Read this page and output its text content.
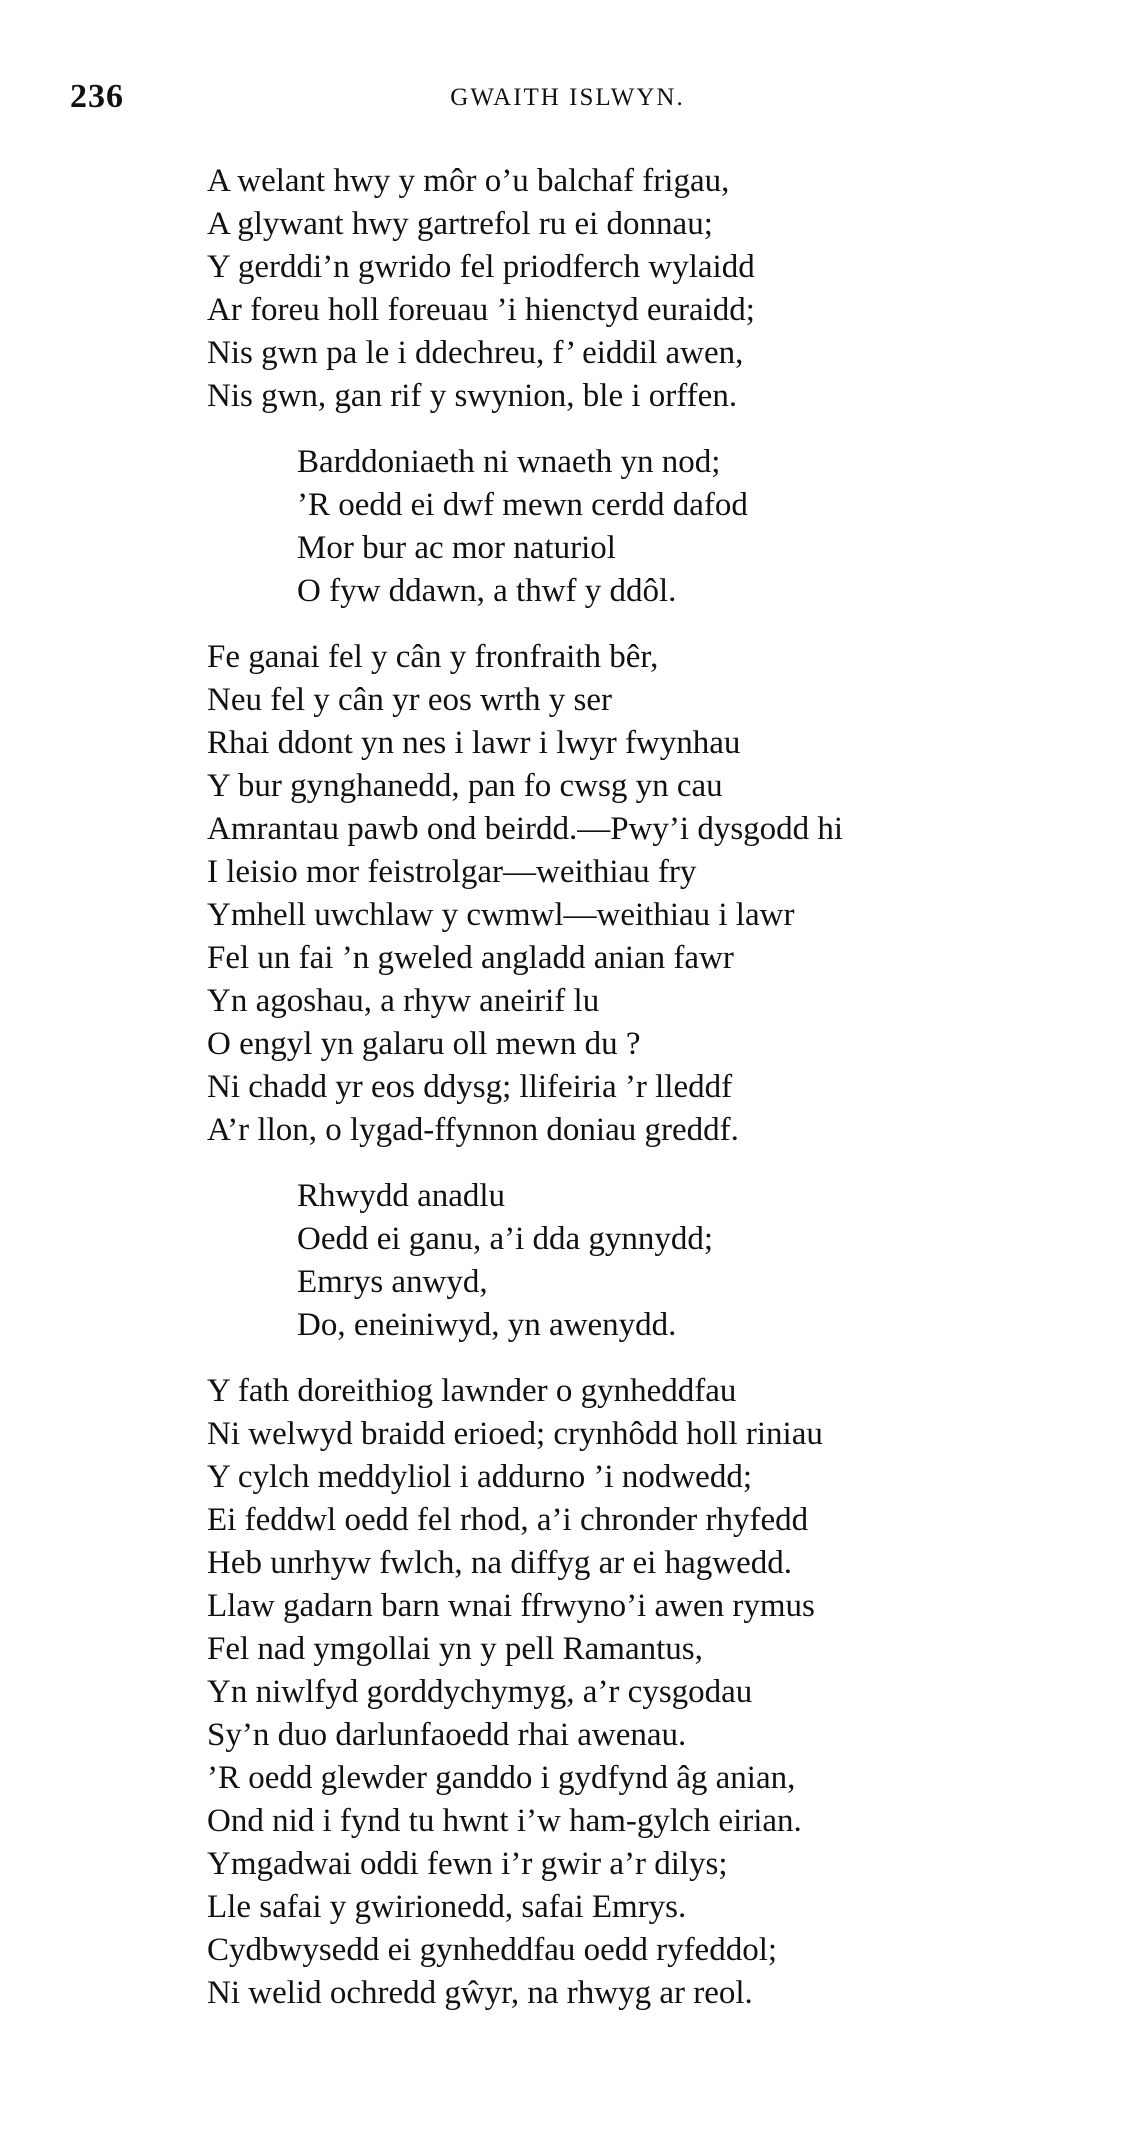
236	GWAITH ISLWYN.
A welant hwy y môr o’u balchaf frigau,
A glywant hwy gartrefol ru ei donnau;
Y gerddi’n gwrido fel priodferch wylaidd
Ar foreu holl foreuau ’i hienctyd euraidd;
Nis gwn pa le i ddechreu, f’ eiddil awen,
Nis gwn, gan rif y swynion, ble i orffen.
Barddoniaeth ni wnaeth yn nod;
’R oedd ei dwf mewn cerdd dafod
Mor bur ac mor naturiol
O fyw ddawn, a thwf y ddôl.
Fe ganai fel y cân y fronfraith bêr,
Neu fel y cân yr eos wrth y ser
Rhai ddont yn nes i lawr i lwyr fwynhau
Y bur gynghanedd, pan fo cwsg yn cau
Amrantau pawb ond beirdd.—Pwy’i dysgodd hi
I leisio mor feistrolgar—weithiau fry
Ymhell uwchlaw y cwmwl—weithiau i lawr
Fel un fai ’n gweled angladd anian fawr
Yn agoshau, a rhyw aneirif lu
O engyl yn galaru oll mewn du ?
Ni chadd yr eos ddysg; llifeiria ’r lleddf
A’r llon, o lygad-ffynnon doniau greddf.
Rhwydd anadlu
Oedd ei ganu, a’i dda gynnydd;
Emrys anwyd,
Do, eneiniwyd, yn awenydd.
Y fath doreithiog lawnder o gynheddfau
Ni welwyd braidd erioed; crynhôdd holl riniau
Y cylch meddyliol i addurno ’i nodwedd;
Ei feddwl oedd fel rhod, a’i chronder rhyfedd
Heb unrhyw fwlch, na diffyg ar ei hagwedd.
Llaw gadarn barn wnai ffrwyno’i awen rymus
Fel nad ymgollai yn y pell Ramantus,
Yn niwlfyd gorddychymyg, a’r cysgodau
Sy’n duo darlunfaoedd rhai awenau.
’R oedd glewder ganddo i gydfynd âg anian,
Ond nid i fynd tu hwnt i’w ham-gylch eirian.
Ymgadwai oddi fewn i’r gwir a’r dilys;
Lle safai y gwirionedd, safai Emrys.
Cydbwysedd ei gynheddfau oedd ryfeddol;
Ni welid ochredd gŵyr, na rhwyg ar reol.
